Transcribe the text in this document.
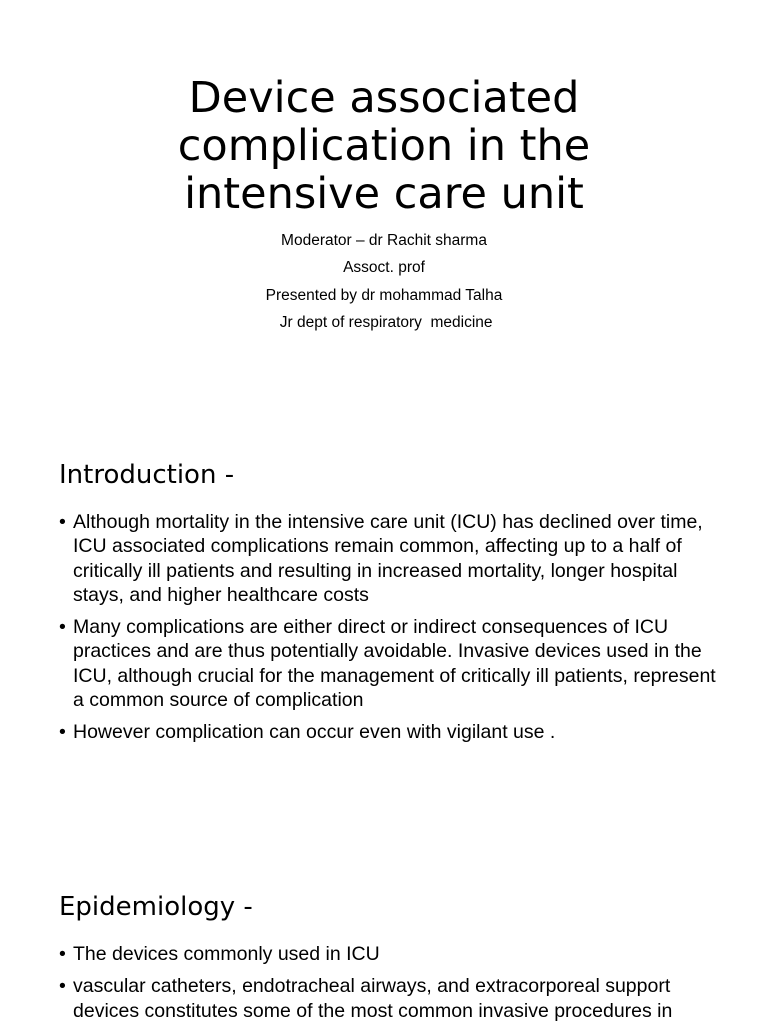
Device associated
complication in the
intensive care unit
Moderator – dr Rachit sharma
Assoct. prof
Presented by dr mohammad Talha
Jr dept of respiratory  medicine
Introduction -
• Although mortality in the intensive care unit (ICU) has declined over time, ICU associated complications remain common, affecting up to a half of critically ill patients and resulting in increased mortality, longer hospital stays, and higher healthcare costs
• Many complications are either direct or indirect consequences of ICU practices and are thus potentially avoidable. Invasive devices used in the ICU, although crucial for the management of critically ill patients, represent a common source of complication
• However complication can occur even with vigilant use .
Epidemiology -
• The devices commonly used in ICU
• vascular catheters, endotracheal airways, and extracorporeal support devices constitutes some of the most common invasive procedures in
